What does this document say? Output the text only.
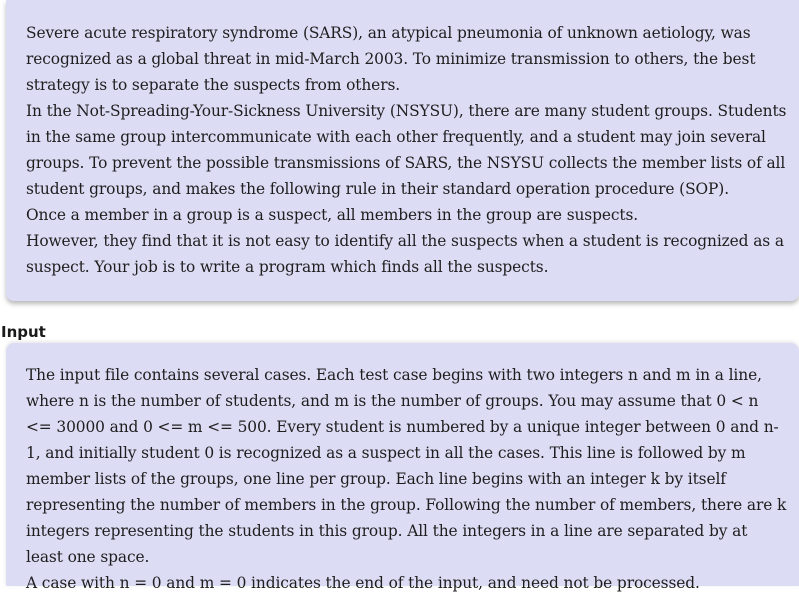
Severe acute respiratory syndrome (SARS), an atypical pneumonia of unknown aetiology, was recognized as a global threat in mid-March 2003. To minimize transmission to others, the best strategy is to separate the suspects from others.

In the Not-Spreading-Your-Sickness University (NSYSU), there are many student groups. Students in the same group intercommunicate with each other frequently, and a student may join several groups. To prevent the possible transmissions of SARS, the NSYSU collects the member lists of all student groups, and makes the following rule in their standard operation procedure (SOP).

Once a member in a group is a suspect, all members in the group are suspects.

However, they find that it is not easy to identify all the suspects when a student is recognized as a suspect. Your job is to write a program which finds all the suspects.

Input

The input file contains several cases. Each test case begins with two integers n and m in a line, where n is the number of students, and m is the number of groups. You may assume that 0 < n <= 30000 and 0 <= m <= 500. Every student is numbered by a unique integer between 0 and n-1, and initially student 0 is recognized as a suspect in all the cases. This line is followed by m member lists of the groups, one line per group. Each line begins with an integer k by itself representing the number of members in the group. Following the number of members, there are k integers representing the students in this group. All the integers in a line are separated by at least one space.

A case with n = 0 and m = 0 indicates the end of the input, and need not be processed.
